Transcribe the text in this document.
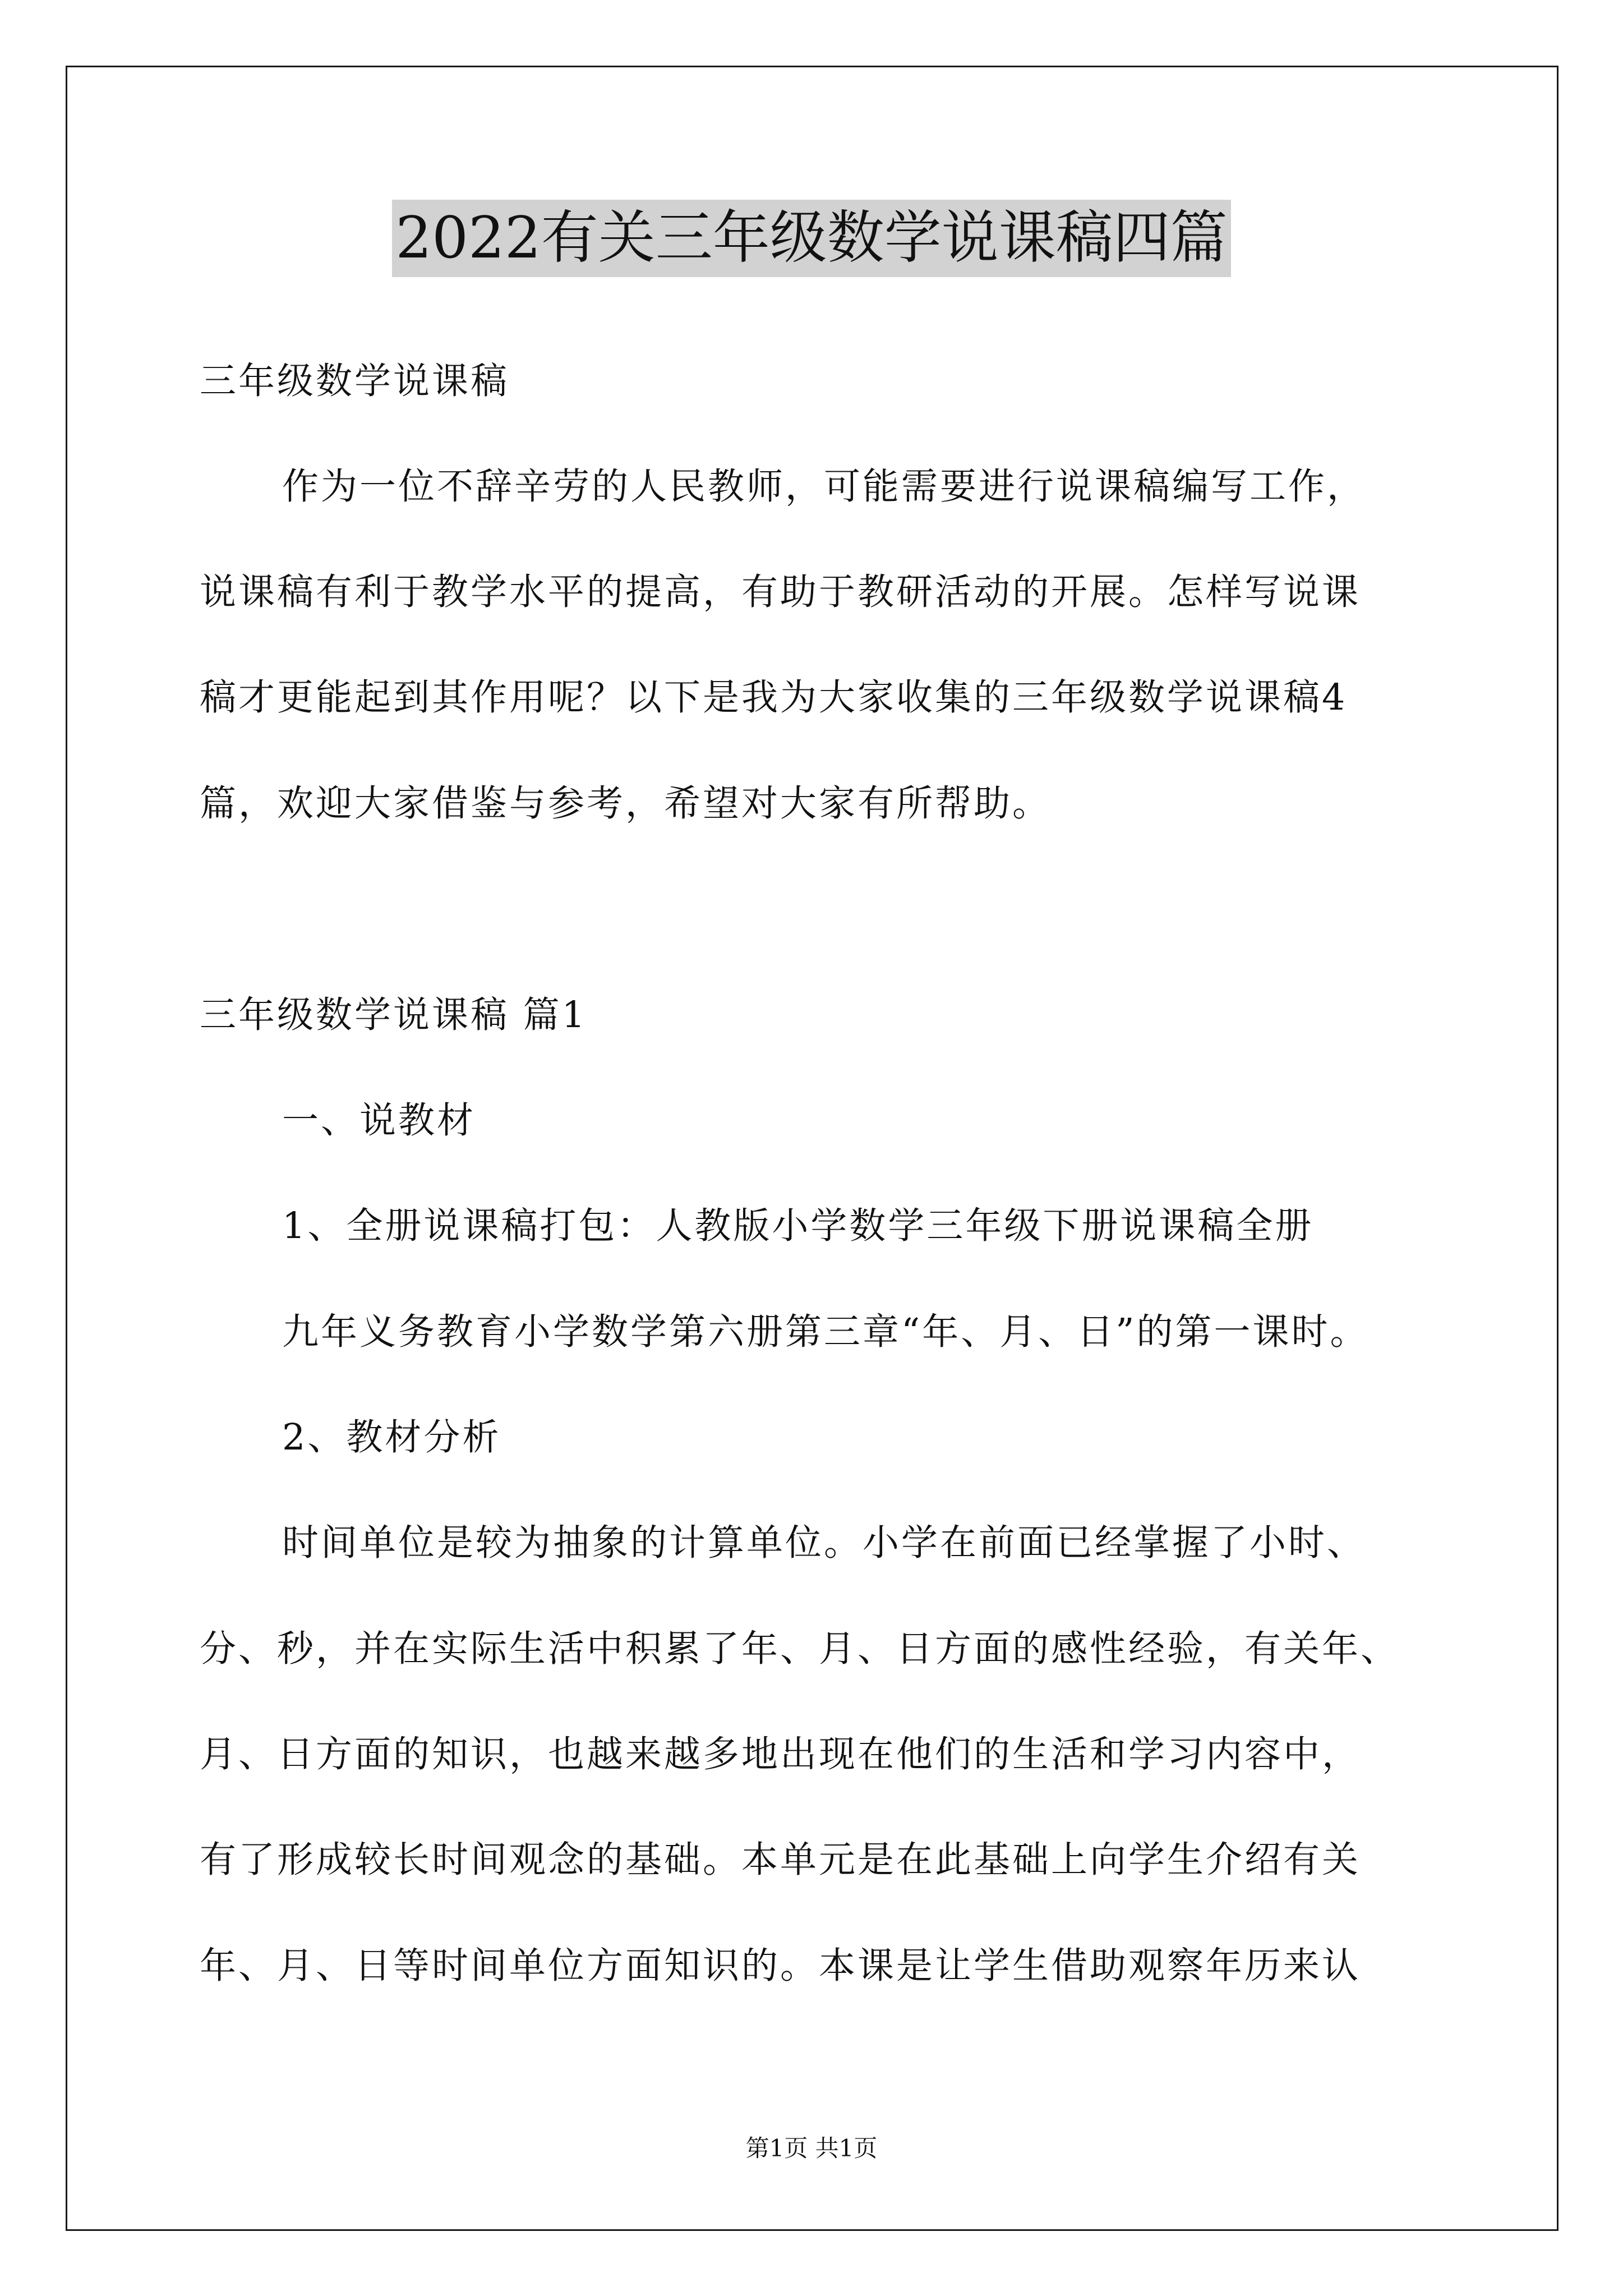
2022有关三年级数学说课稿四篇
三年级数学说课稿
作为一位不辞辛劳的人民教师，可能需要进行说课稿编写工作，
说课稿有利于教学水平的提高，有助于教研活动的开展。怎样写说课
稿才更能起到其作用呢？以下是我为大家收集的三年级数学说课稿4
篇，欢迎大家借鉴与参考，希望对大家有所帮助。
三年级数学说课稿 篇1
一、说教材
1、全册说课稿打包：人教版小学数学三年级下册说课稿全册
九年义务教育小学数学第六册第三章“年、月、日”的第一课时。
2、教材分析
时间单位是较为抽象的计算单位。小学在前面已经掌握了小时、
分、秒，并在实际生活中积累了年、月、日方面的感性经验，有关年、
月、日方面的知识，也越来越多地出现在他们的生活和学习内容中，
有了形成较长时间观念的基础。本单元是在此基础上向学生介绍有关
年、月、日等时间单位方面知识的。本课是让学生借助观察年历来认
第1页 共1页
